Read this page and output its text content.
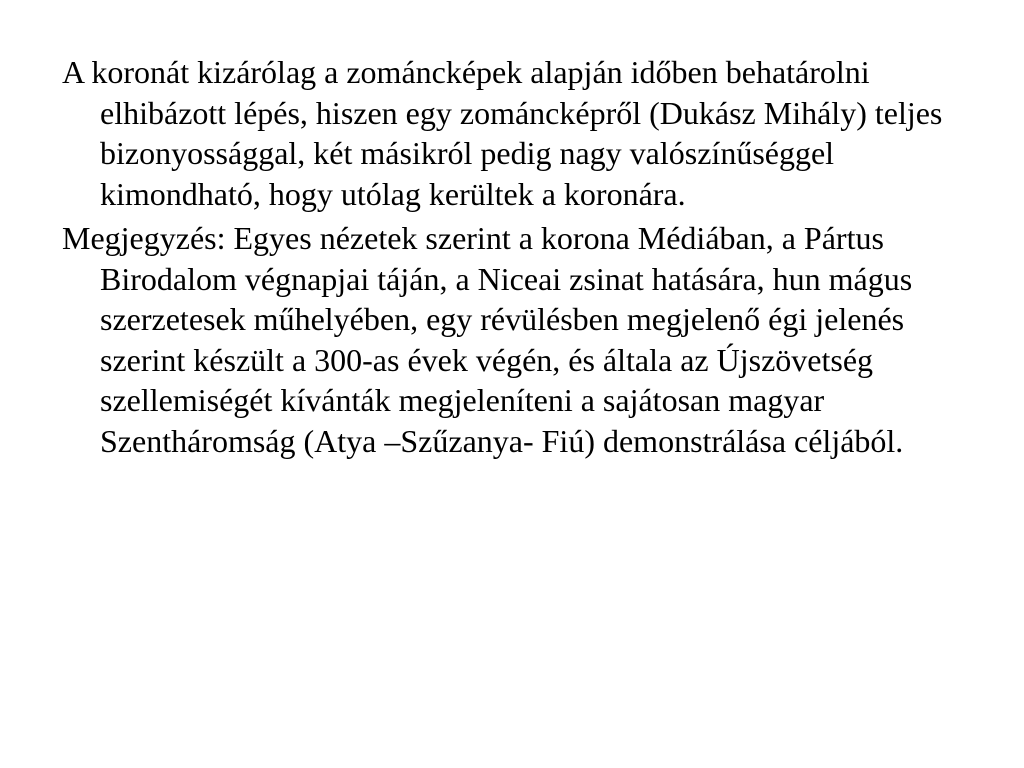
A koronát kizárólag a zománcképek alapján időben behatárolni elhibázott lépés, hiszen egy zománcképről (Dukász Mihály) teljes bizonyossággal, két másikról pedig nagy valószínűséggel kimondható, hogy utólag kerültek a koronára.

Megjegyzés: Egyes nézetek szerint a korona Médiában, a Pártus Birodalom végnapjai táján, a Niceai zsinat hatására, hun mágus szerzetesek műhelyében, egy révülésben megjelenő égi jelenés szerint készült a 300-as évek végén, és általa az Újszövetség szellemiségét kívánták megjeleníteni a sajátosan magyar Szentháromság (Atya –Szűzanya- Fiú) demonstrálása céljából.
